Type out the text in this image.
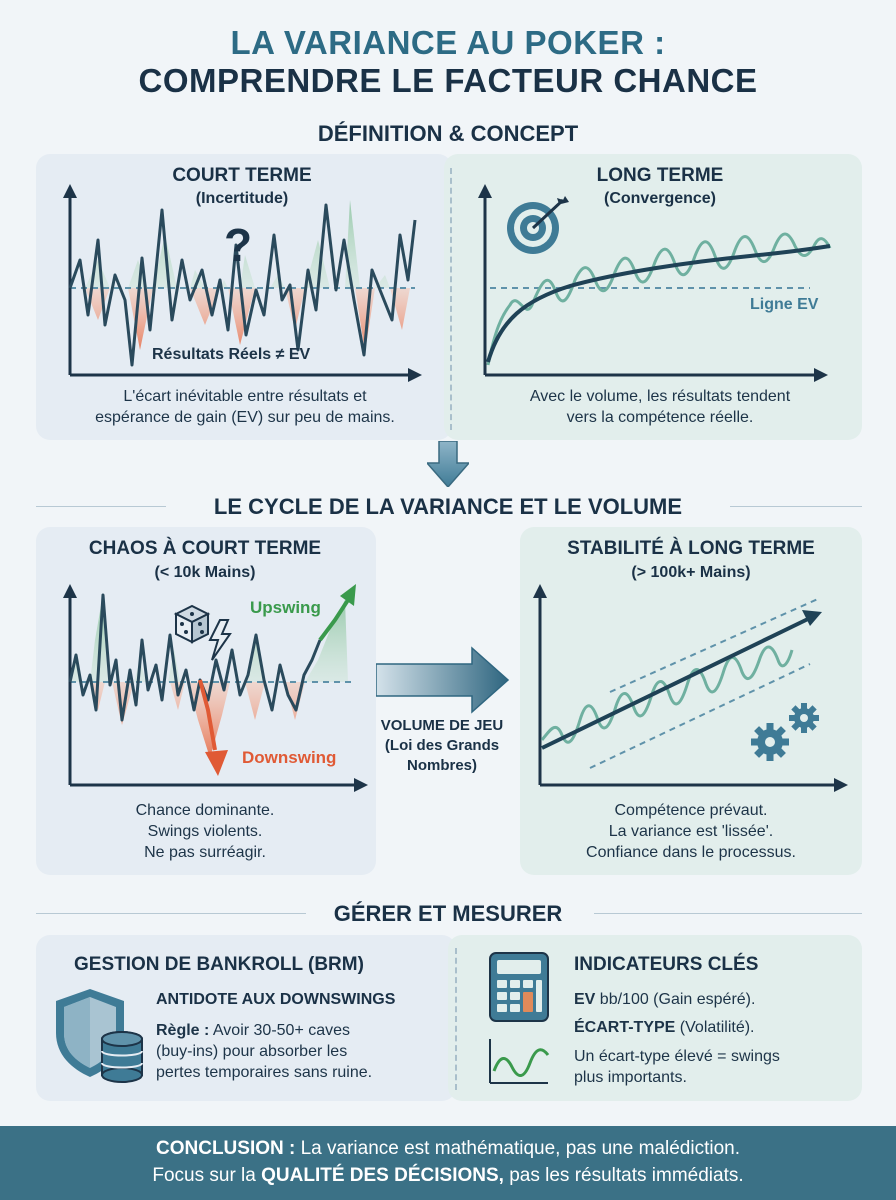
LA VARIANCE AU POKER :
COMPRENDRE LE FACTEUR CHANCE
DÉFINITION & CONCEPT
COURT TERME
(Incertitude)
?
Résultats Réels ≠ EV
L'écart inévitable entre résultats et
espérance de gain (EV) sur peu de mains.
LONG TERME
(Convergence)
Ligne EV
Avec le volume, les résultats tendent
vers la compétence réelle.
LE CYCLE DE LA VARIANCE ET LE VOLUME
CHAOS À COURT TERME
(< 10k Mains)
Upswing
Downswing
Chance dominante.
Swings violents.
Ne pas surréagir.
VOLUME DE JEU
(Loi des Grands
Nombres)
STABILITÉ À LONG TERME
(> 100k+ Mains)
Compétence prévaut.
La variance est 'lissée'.
Confiance dans le processus.
GÉRER ET MESURER
GESTION DE BANKROLL (BRM)
ANTIDOTE AUX DOWNSWINGS
Règle : Avoir 30-50+ caves
(buy-ins) pour absorber les
pertes temporaires sans ruine.
INDICATEURS CLÉS
EV bb/100 (Gain espéré).
ÉCART-TYPE (Volatilité).
Un écart-type élevé = swings
plus importants.
CONCLUSION : La variance est mathématique, pas une malédiction.
Focus sur la QUALITÉ DES DÉCISIONS, pas les résultats immédiats.
